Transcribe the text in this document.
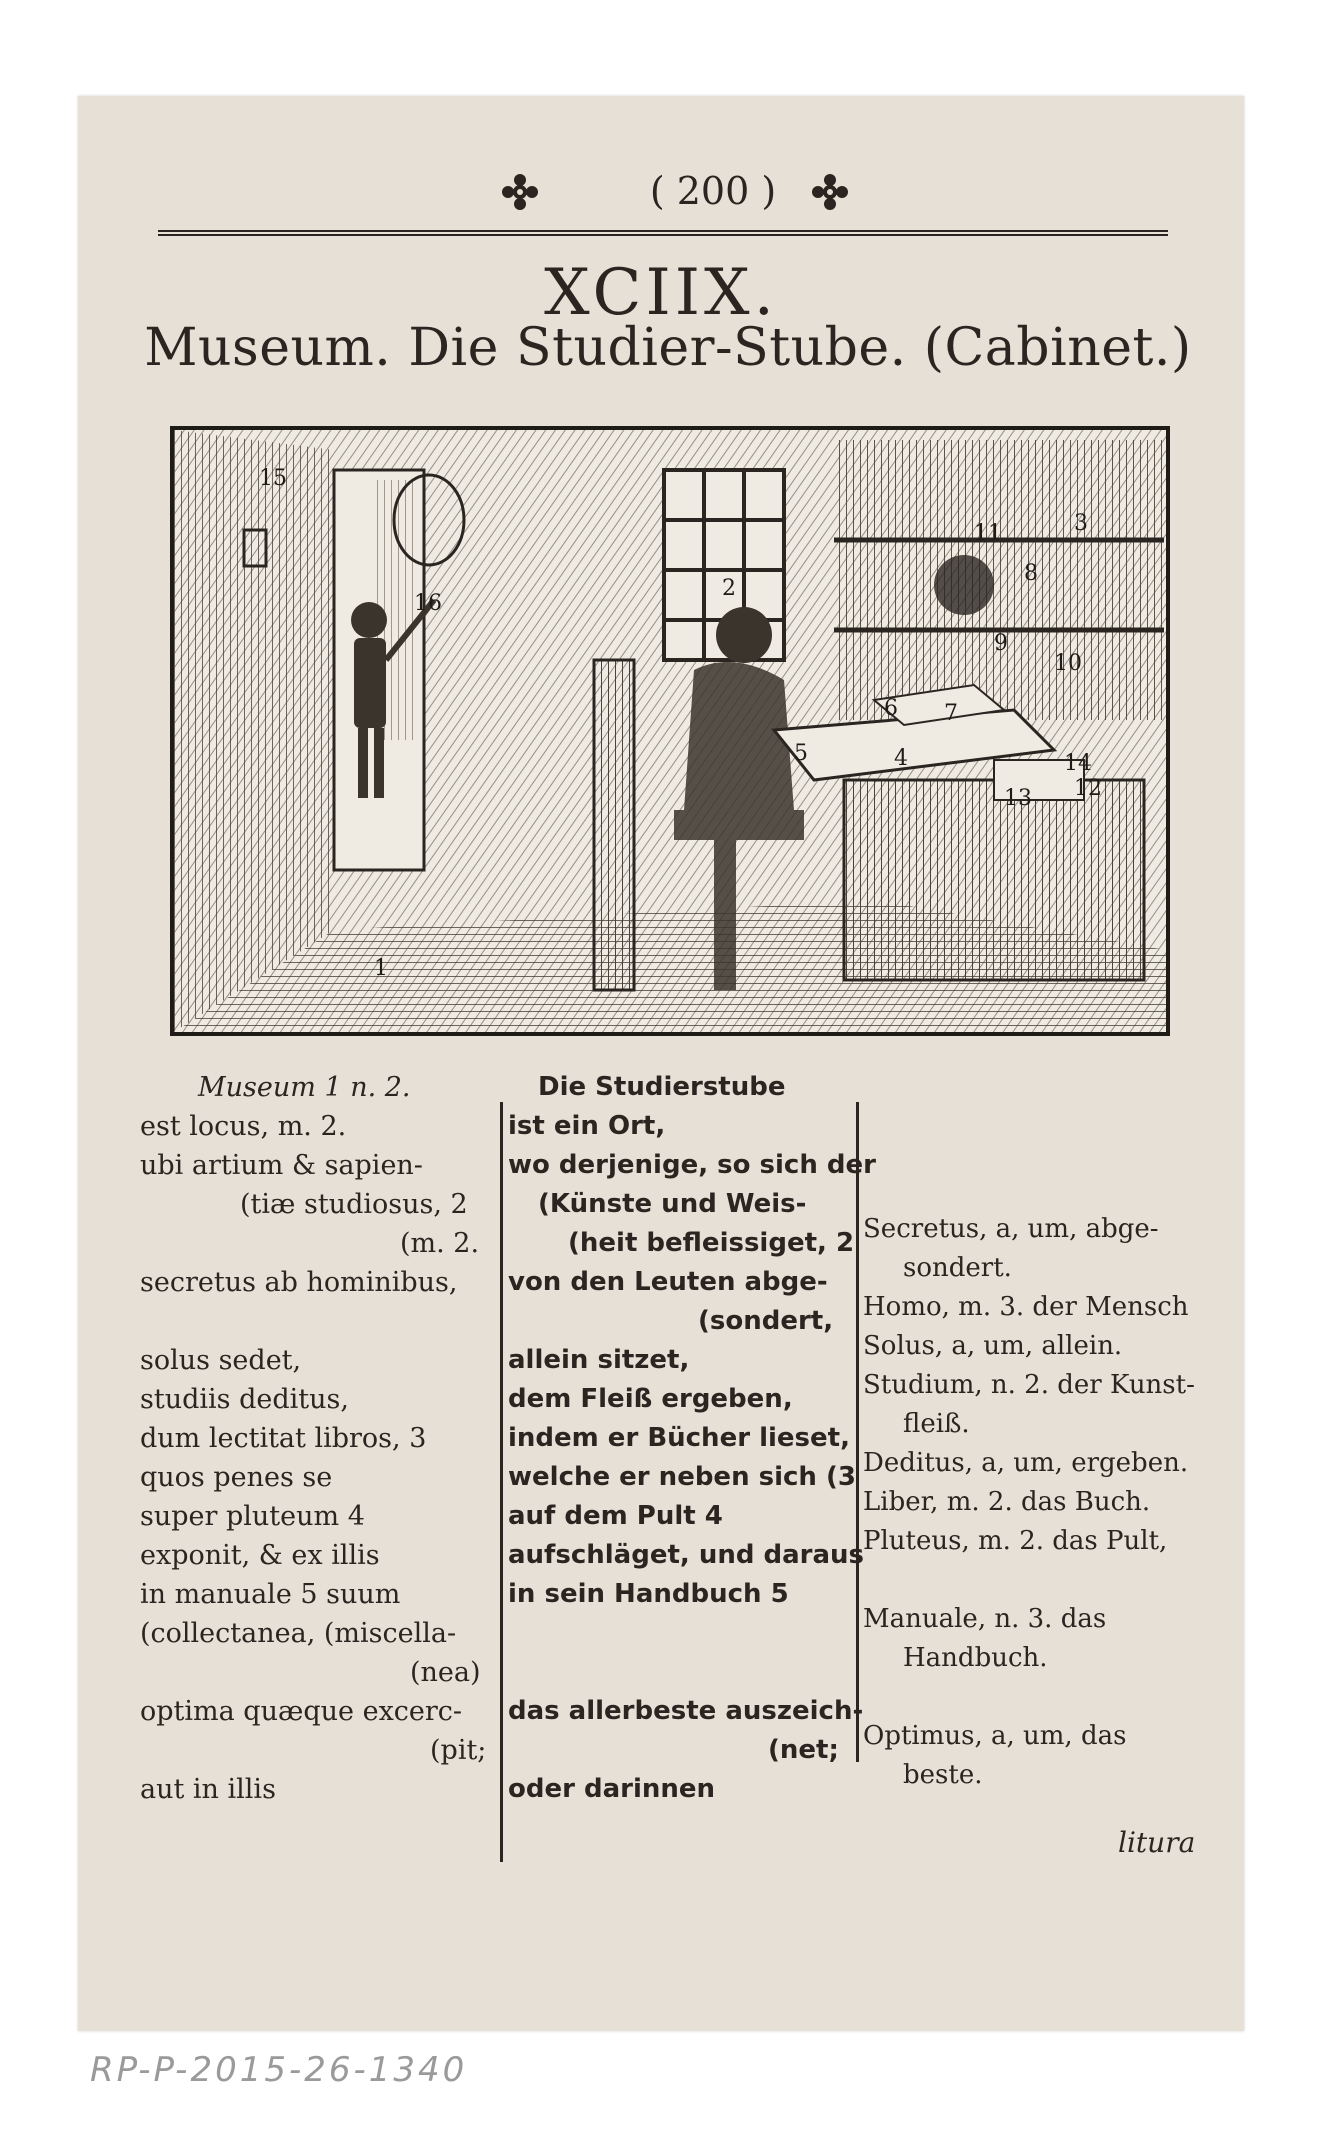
( 200 )
XCIIX.
Museum. Die Studier-Stube. (Cabinet.)
1
2
3
4
5
6 7
8
9
10
11
12
13
14
15
16
Museum 1 n. 2.
est locus, m. 2.
ubi artium & sapien-
(tiæ studiosus, 2
(m. 2.
secretus ab hominibus,

solus sedet,
studiis deditus,
dum lectitat libros, 3
quos penes se
super pluteum 4
exponit, & ex illis
in manuale 5 suum
(collectanea, (miscella-
(nea)
optima quæque excerc-
(pit;
aut in illis
Die Studierstube
ist ein Ort,
wo derjenige, so sich der
(Künste und Weis-
(heit befleissiget, 2
von den Leuten abge-
(sondert,
allein sitzet,
dem Fleiß ergeben,
indem er Bücher lieset,
welche er neben sich (3
auf dem Pult 4
aufschläget, und daraus
in sein Handbuch 5

das allerbeste auszeich-
(net;
oder darinnen
Secretus, a, um, abge-
sondert.
Homo, m. 3. der Mensch
Solus, a, um, allein.
Studium, n. 2. der Kunst-
fleiß.
Deditus, a, um, ergeben.
Liber, m. 2. das Buch.
Pluteus, m. 2. das Pult,

Manuale, n. 3. das
Handbuch.

Optimus, a, um, das
beste.
litura
RP-P-2015-26-1340
